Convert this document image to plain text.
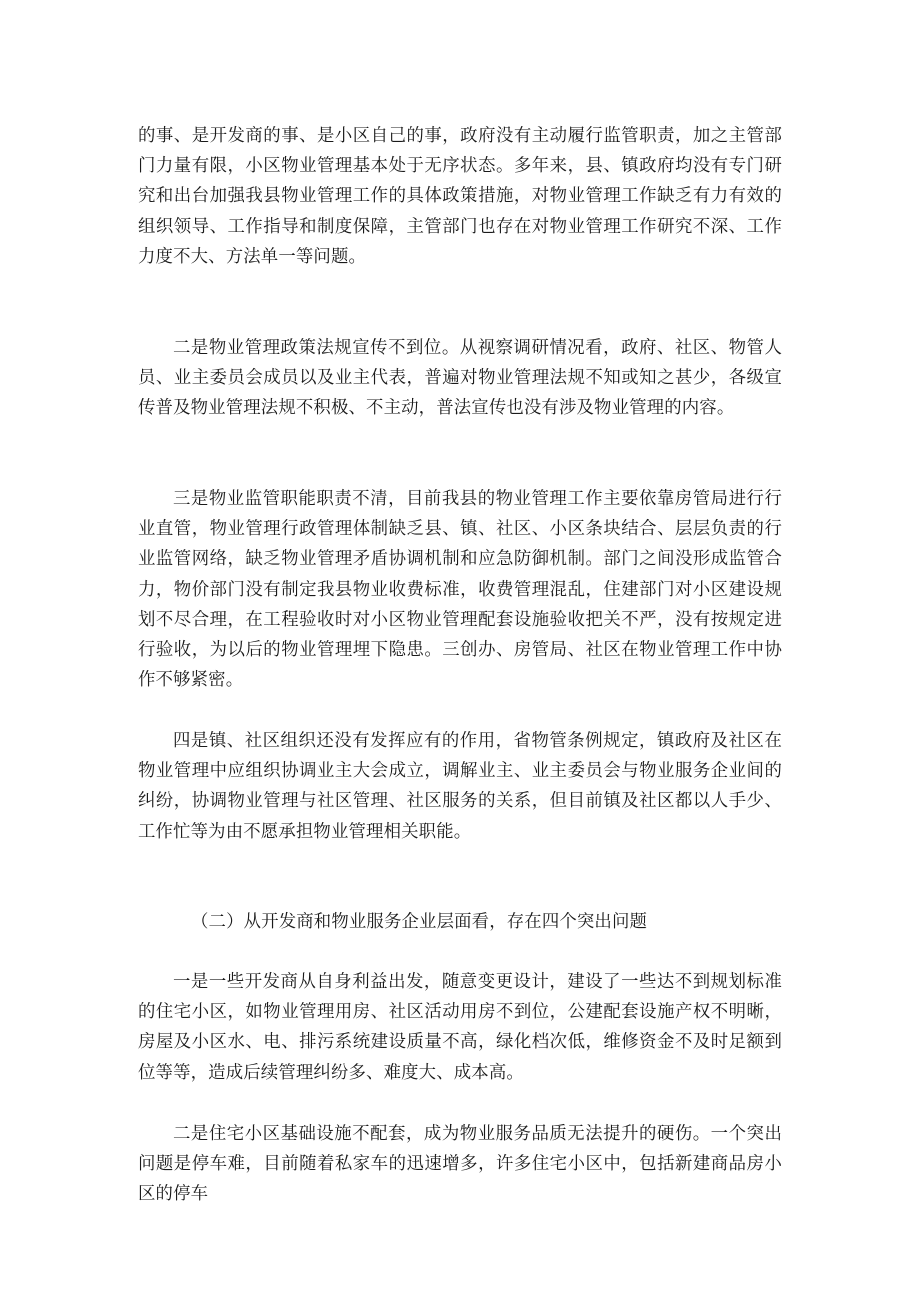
的事、是开发商的事、是小区自己的事，政府没有主动履行监管职责，加之主管部门力量有限，小区物业管理基本处于无序状态。多年来，县、镇政府均没有专门研究和出台加强我县物业管理工作的具体政策措施，对物业管理工作缺乏有力有效的组织领导、工作指导和制度保障，主管部门也存在对物业管理工作研究不深、工作力度不大、方法单一等问题。

二是物业管理政策法规宣传不到位。从视察调研情况看，政府、社区、物管人员、业主委员会成员以及业主代表，普遍对物业管理法规不知或知之甚少，各级宣传普及物业管理法规不积极、不主动，普法宣传也没有涉及物业管理的内容。

三是物业监管职能职责不清，目前我县的物业管理工作主要依靠房管局进行行业直管，物业管理行政管理体制缺乏县、镇、社区、小区条块结合、层层负责的行业监管网络，缺乏物业管理矛盾协调机制和应急防御机制。部门之间没形成监管合力，物价部门没有制定我县物业收费标准，收费管理混乱，住建部门对小区建设规划不尽合理，在工程验收时对小区物业管理配套设施验收把关不严，没有按规定进行验收，为以后的物业管理埋下隐患。三创办、房管局、社区在物业管理工作中协作不够紧密。

四是镇、社区组织还没有发挥应有的作用，省物管条例规定，镇政府及社区在物业管理中应组织协调业主大会成立，调解业主、业主委员会与物业服务企业间的纠纷，协调物业管理与社区管理、社区服务的关系，但目前镇及社区都以人手少、工作忙等为由不愿承担物业管理相关职能。

（二）从开发商和物业服务企业层面看，存在四个突出问题

一是一些开发商从自身利益出发，随意变更设计，建设了一些达不到规划标准的住宅小区，如物业管理用房、社区活动用房不到位，公建配套设施产权不明晰，房屋及小区水、电、排污系统建设质量不高，绿化档次低，维修资金不及时足额到位等等，造成后续管理纠纷多、难度大、成本高。

二是住宅小区基础设施不配套，成为物业服务品质无法提升的硬伤。一个突出问题是停车难，目前随着私家车的迅速增多，许多住宅小区中，包括新建商品房小区的停车
